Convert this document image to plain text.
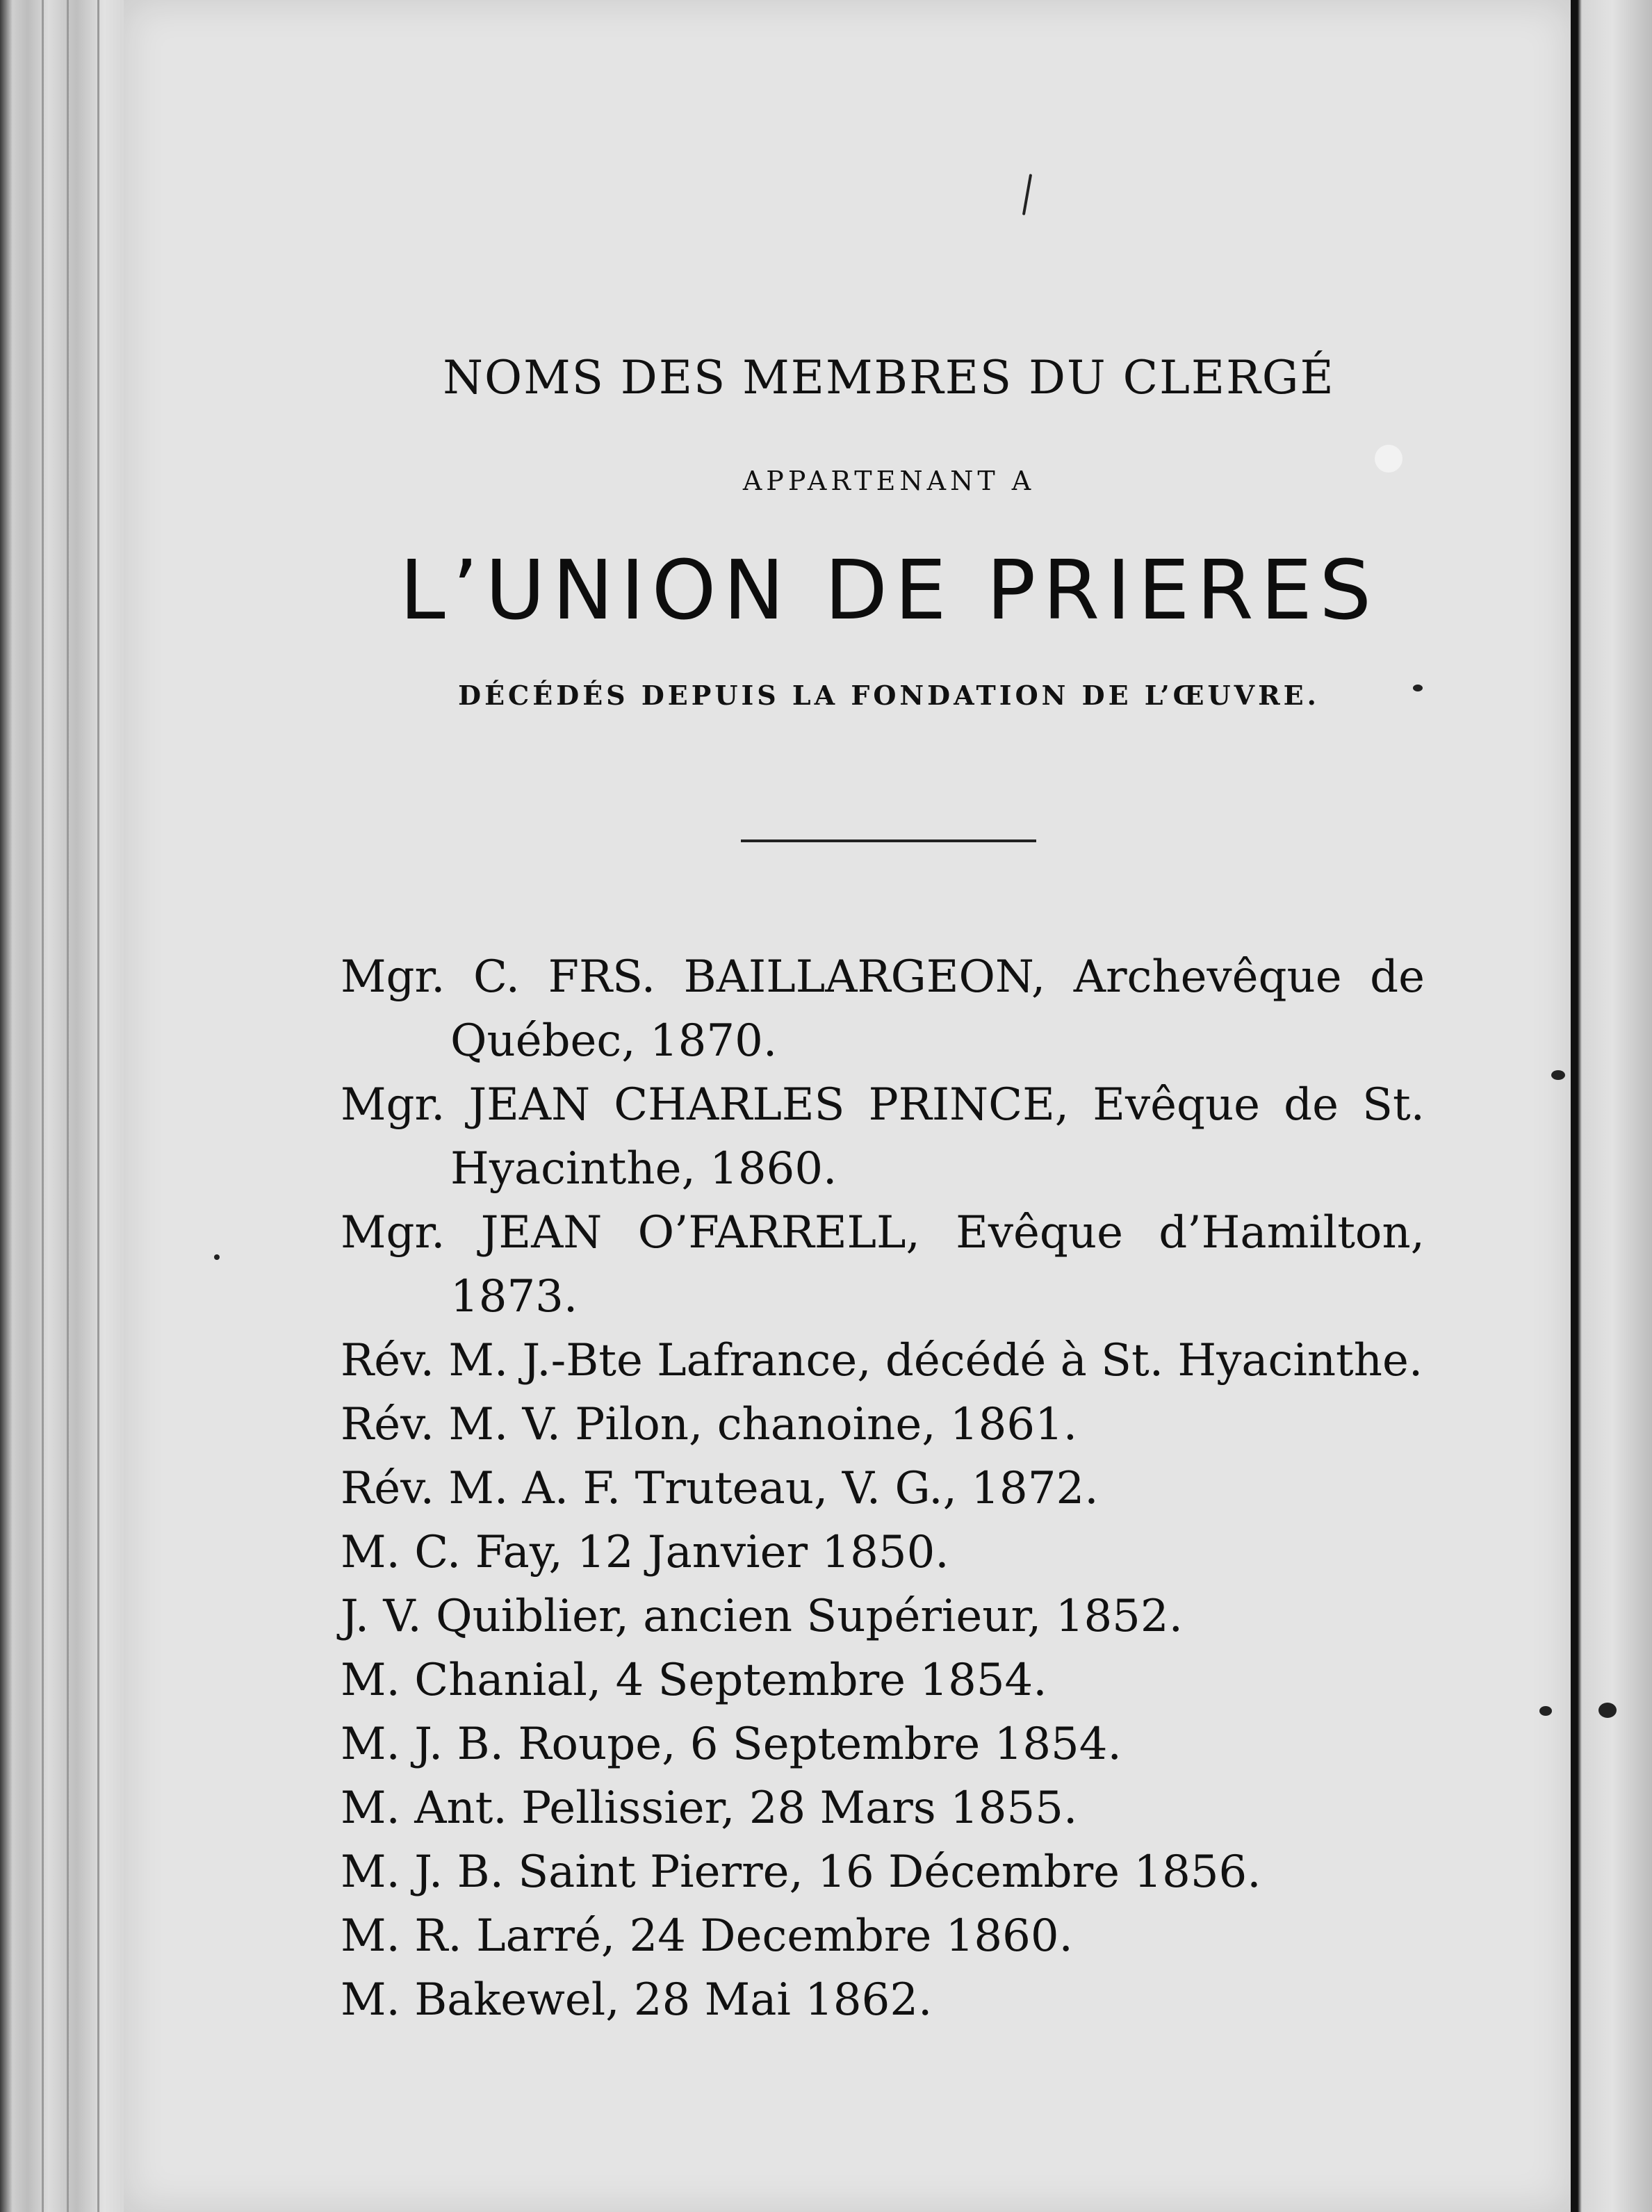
NOMS DES MEMBRES DU CLERGÉ
APPARTENANT A
L’UNION DE PRIERES
DÉCÉDÉS DEPUIS LA FONDATION DE L’ŒUVRE.
Mgr. C. FRS. BAILLARGEON, Archevêque de Québec, 1870.
Mgr. JEAN CHARLES PRINCE, Evêque de St. Hyacinthe, 1860.
Mgr. JEAN O’FARRELL, Evêque d’Hamilton, 1873.
Rév. M. J.-Bte Lafrance, décédé à St. Hyacinthe.
Rév. M. V. Pilon, chanoine, 1861.
Rév. M. A. F. Truteau, V. G., 1872.
M. C. Fay, 12 Janvier 1850.
J. V. Quiblier, ancien Supérieur, 1852.
M. Chanial, 4 Septembre 1854.
M. J. B. Roupe, 6 Septembre 1854.
M. Ant. Pellissier, 28 Mars 1855.
M. J. B. Saint Pierre, 16 Décembre 1856.
M. R. Larré, 24 Decembre 1860.
M. Bakewel, 28 Mai 1862.
